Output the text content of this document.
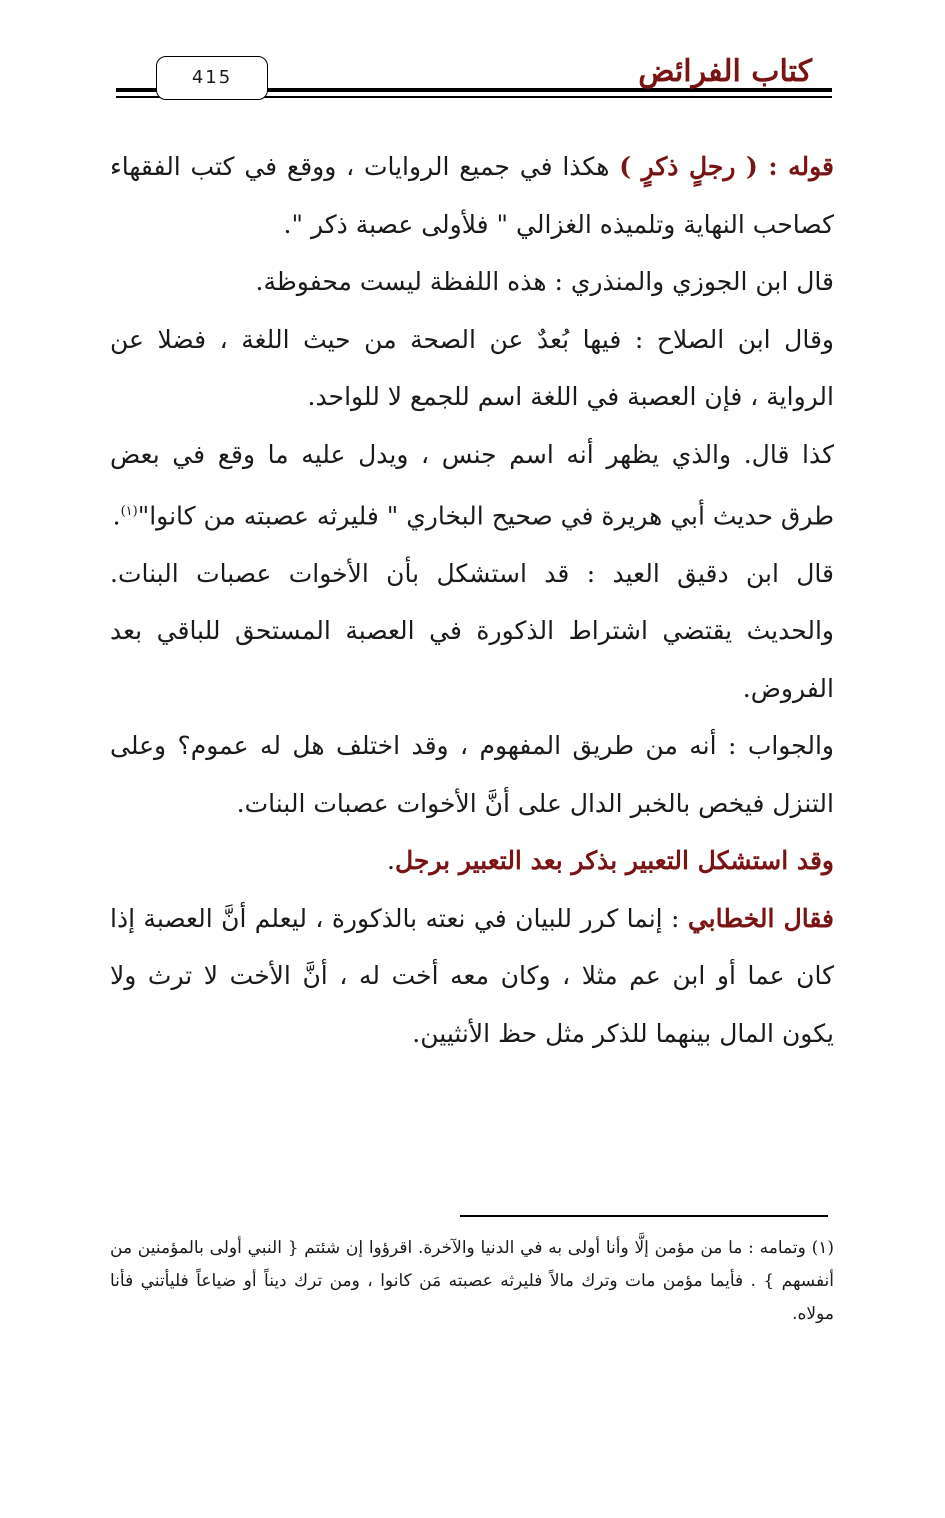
415	كتاب الفرائض

قوله : ( رجلٍ ذكرٍ ) هكذا في جميع الروايات ، ووقع في كتب الفقهاء كصاحب النهاية وتلميذه الغزالي " فلأولى عصبة ذكر ".

قال ابن الجوزي والمنذري : هذه اللفظة ليست محفوظة.

وقال ابن الصلاح : فيها بُعدٌ عن الصحة من حيث اللغة ، فضلا عن الرواية ، فإن العصبة في اللغة اسم للجمع لا للواحد.

كذا قال. والذي يظهر أنه اسم جنس ، ويدل عليه ما وقع في بعض طرق حديث أبي هريرة في صحيح البخاري " فليرثه عصبته من كانوا"$^{(١)}$.

قال ابن دقيق العيد : قد استشكل بأن الأخوات عصبات البنات. والحديث يقتضي اشتراط الذكورة في العصبة المستحق للباقي بعد الفروض.

والجواب : أنه من طريق المفهوم ، وقد اختلف هل له عموم؟ وعلى التنزل فيخص بالخبر الدال على أنَّ الأخوات عصبات البنات.

وقد استشكل التعبير بذكر بعد التعبير برجل.

فقال الخطابي : إنما كرر للبيان في نعته بالذكورة ، ليعلم أنَّ العصبة إذا كان عما أو ابن عم مثلا ، وكان معه أخت له ، أنَّ الأخت لا ترث ولا يكون المال بينهما للذكر مثل حظ الأنثيين.

(١) وتمامه : ما من مؤمن إلَّا وأنا أولى به في الدنيا والآخرة. اقرؤوا إن شئتم { النبي أولى بالمؤمنين من أنفسهم } . فأيما مؤمن مات وترك مالاً فليرثه عصبته مَن كانوا ، ومن ترك ديناً أو ضياعاً فليأتني فأنا مولاه.
